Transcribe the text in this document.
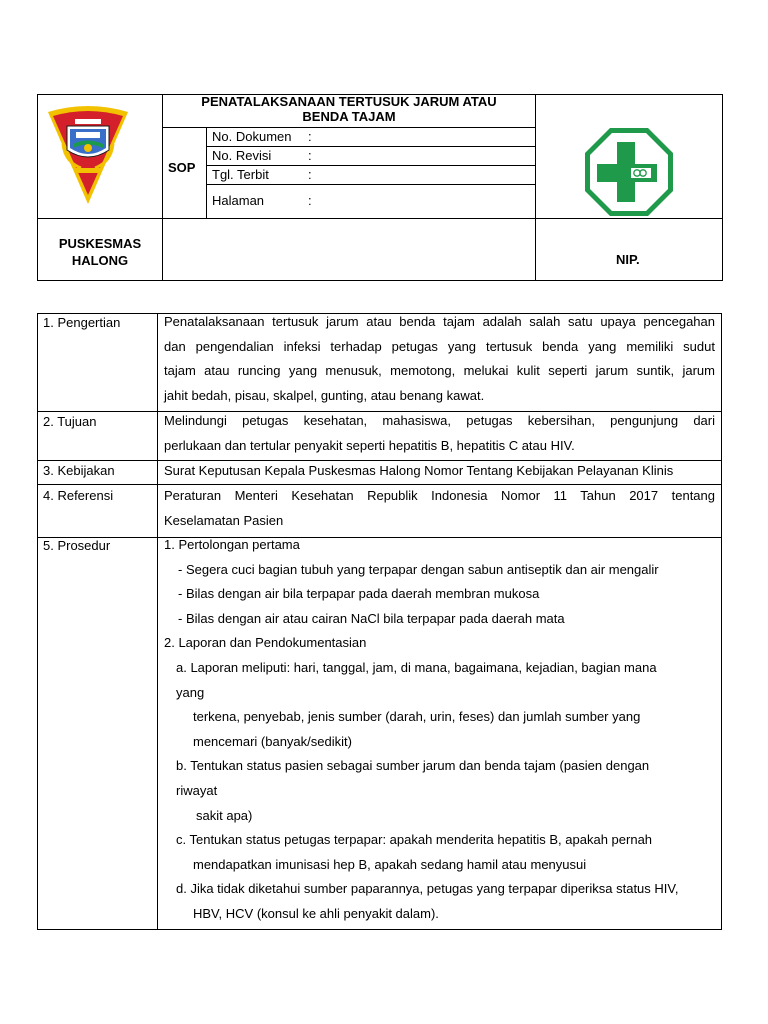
PENATALAKSANAAN TERTUSUK JARUM ATAU
BENDA TAJAM
SOP
No. Dokumen :
No. Revisi	:
Tgl. Terbit	:
Halaman	:
PUSKESMAS
HALONG	NIP.
1. Pengertian	Penatalaksanaan tertusuk jarum atau benda tajam adalah salah satu upaya pencegahan
dan pengendalian infeksi terhadap petugas yang tertusuk benda yang memiliki sudut
tajam atau runcing yang menusuk, memotong, melukai kulit seperti jarum suntik, jarum
jahit bedah, pisau, skalpel, gunting, atau benang kawat.
2. Tujuan	Melindungi petugas kesehatan, mahasiswa, petugas kebersihan, pengunjung dari
perlukaan dan tertular penyakit seperti hepatitis B, hepatitis C atau HIV.
3. Kebijakan	Surat Keputusan Kepala Puskesmas Halong Nomor Tentang Kebijakan Pelayanan Klinis
4. Referensi	Peraturan Menteri Kesehatan Republik Indonesia Nomor 11 Tahun 2017 tentang
Keselamatan Pasien
5. Prosedur	1. Pertolongan pertama
- Segera cuci bagian tubuh yang terpapar dengan sabun antiseptik dan air mengalir
- Bilas dengan air bila terpapar pada daerah membran mukosa
- Bilas dengan air atau cairan NaCl bila terpapar pada daerah mata
2. Laporan dan Pendokumentasian
a. Laporan meliputi: hari, tanggal, jam, di mana, bagaimana, kejadian, bagian mana
yang
terkena, penyebab, jenis sumber (darah, urin, feses) dan jumlah sumber yang
mencemari (banyak/sedikit)
b. Tentukan status pasien sebagai sumber jarum dan benda tajam (pasien dengan
riwayat
sakit apa)
c. Tentukan status petugas terpapar: apakah menderita hepatitis B, apakah pernah
mendapatkan imunisasi hep B, apakah sedang hamil atau menyusui
d. Jika tidak diketahui sumber paparannya, petugas yang terpapar diperiksa status HIV,
HBV, HCV (konsul ke ahli penyakit dalam).
